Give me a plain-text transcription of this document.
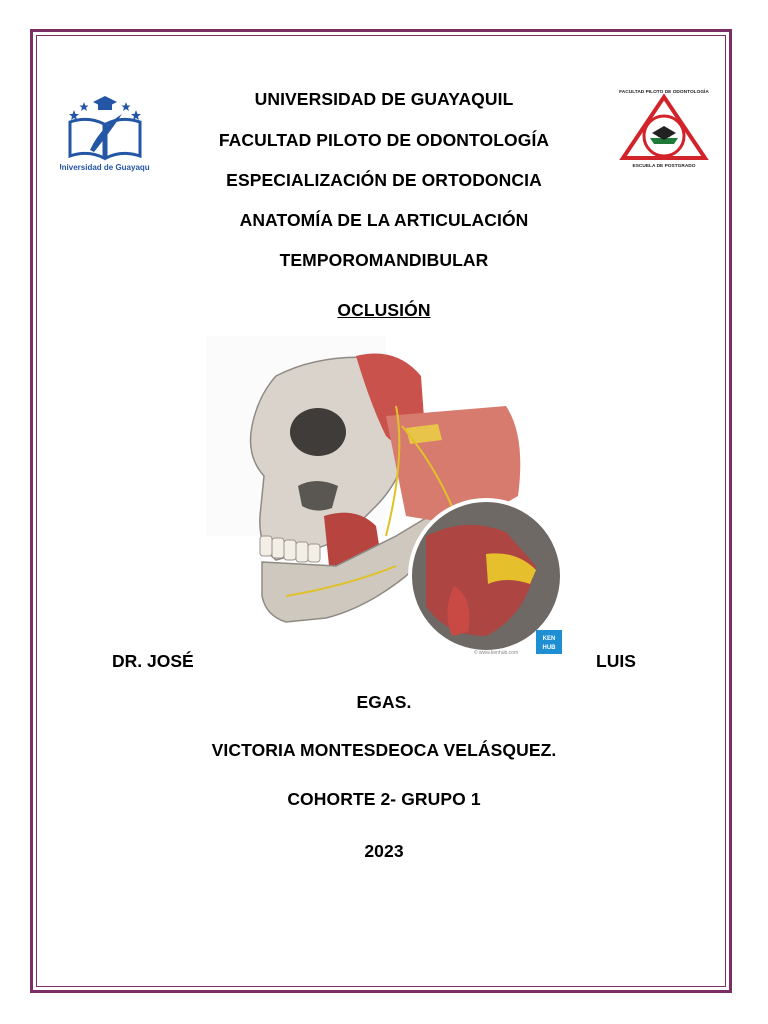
Universidad de Guayaquil
FACULTAD PILOTO DE ODONTOLOGÍA
ESCUELA DE POSTGRADO
UNIVERSIDAD DE GUAYAQUIL
FACULTAD PILOTO DE ODONTOLOGÍA
ESPECIALIZACIÓN DE ORTODONCIA
ANATOMÍA DE LA ARTICULACIÓN
TEMPOROMANDIBULAR
OCLUSIÓN
KEN
HUB
© www.kenhub.com
DR. JOSÉ	LUIS
EGAS.
VICTORIA MONTESDEOCA VELÁSQUEZ.
COHORTE 2- GRUPO 1
2023
